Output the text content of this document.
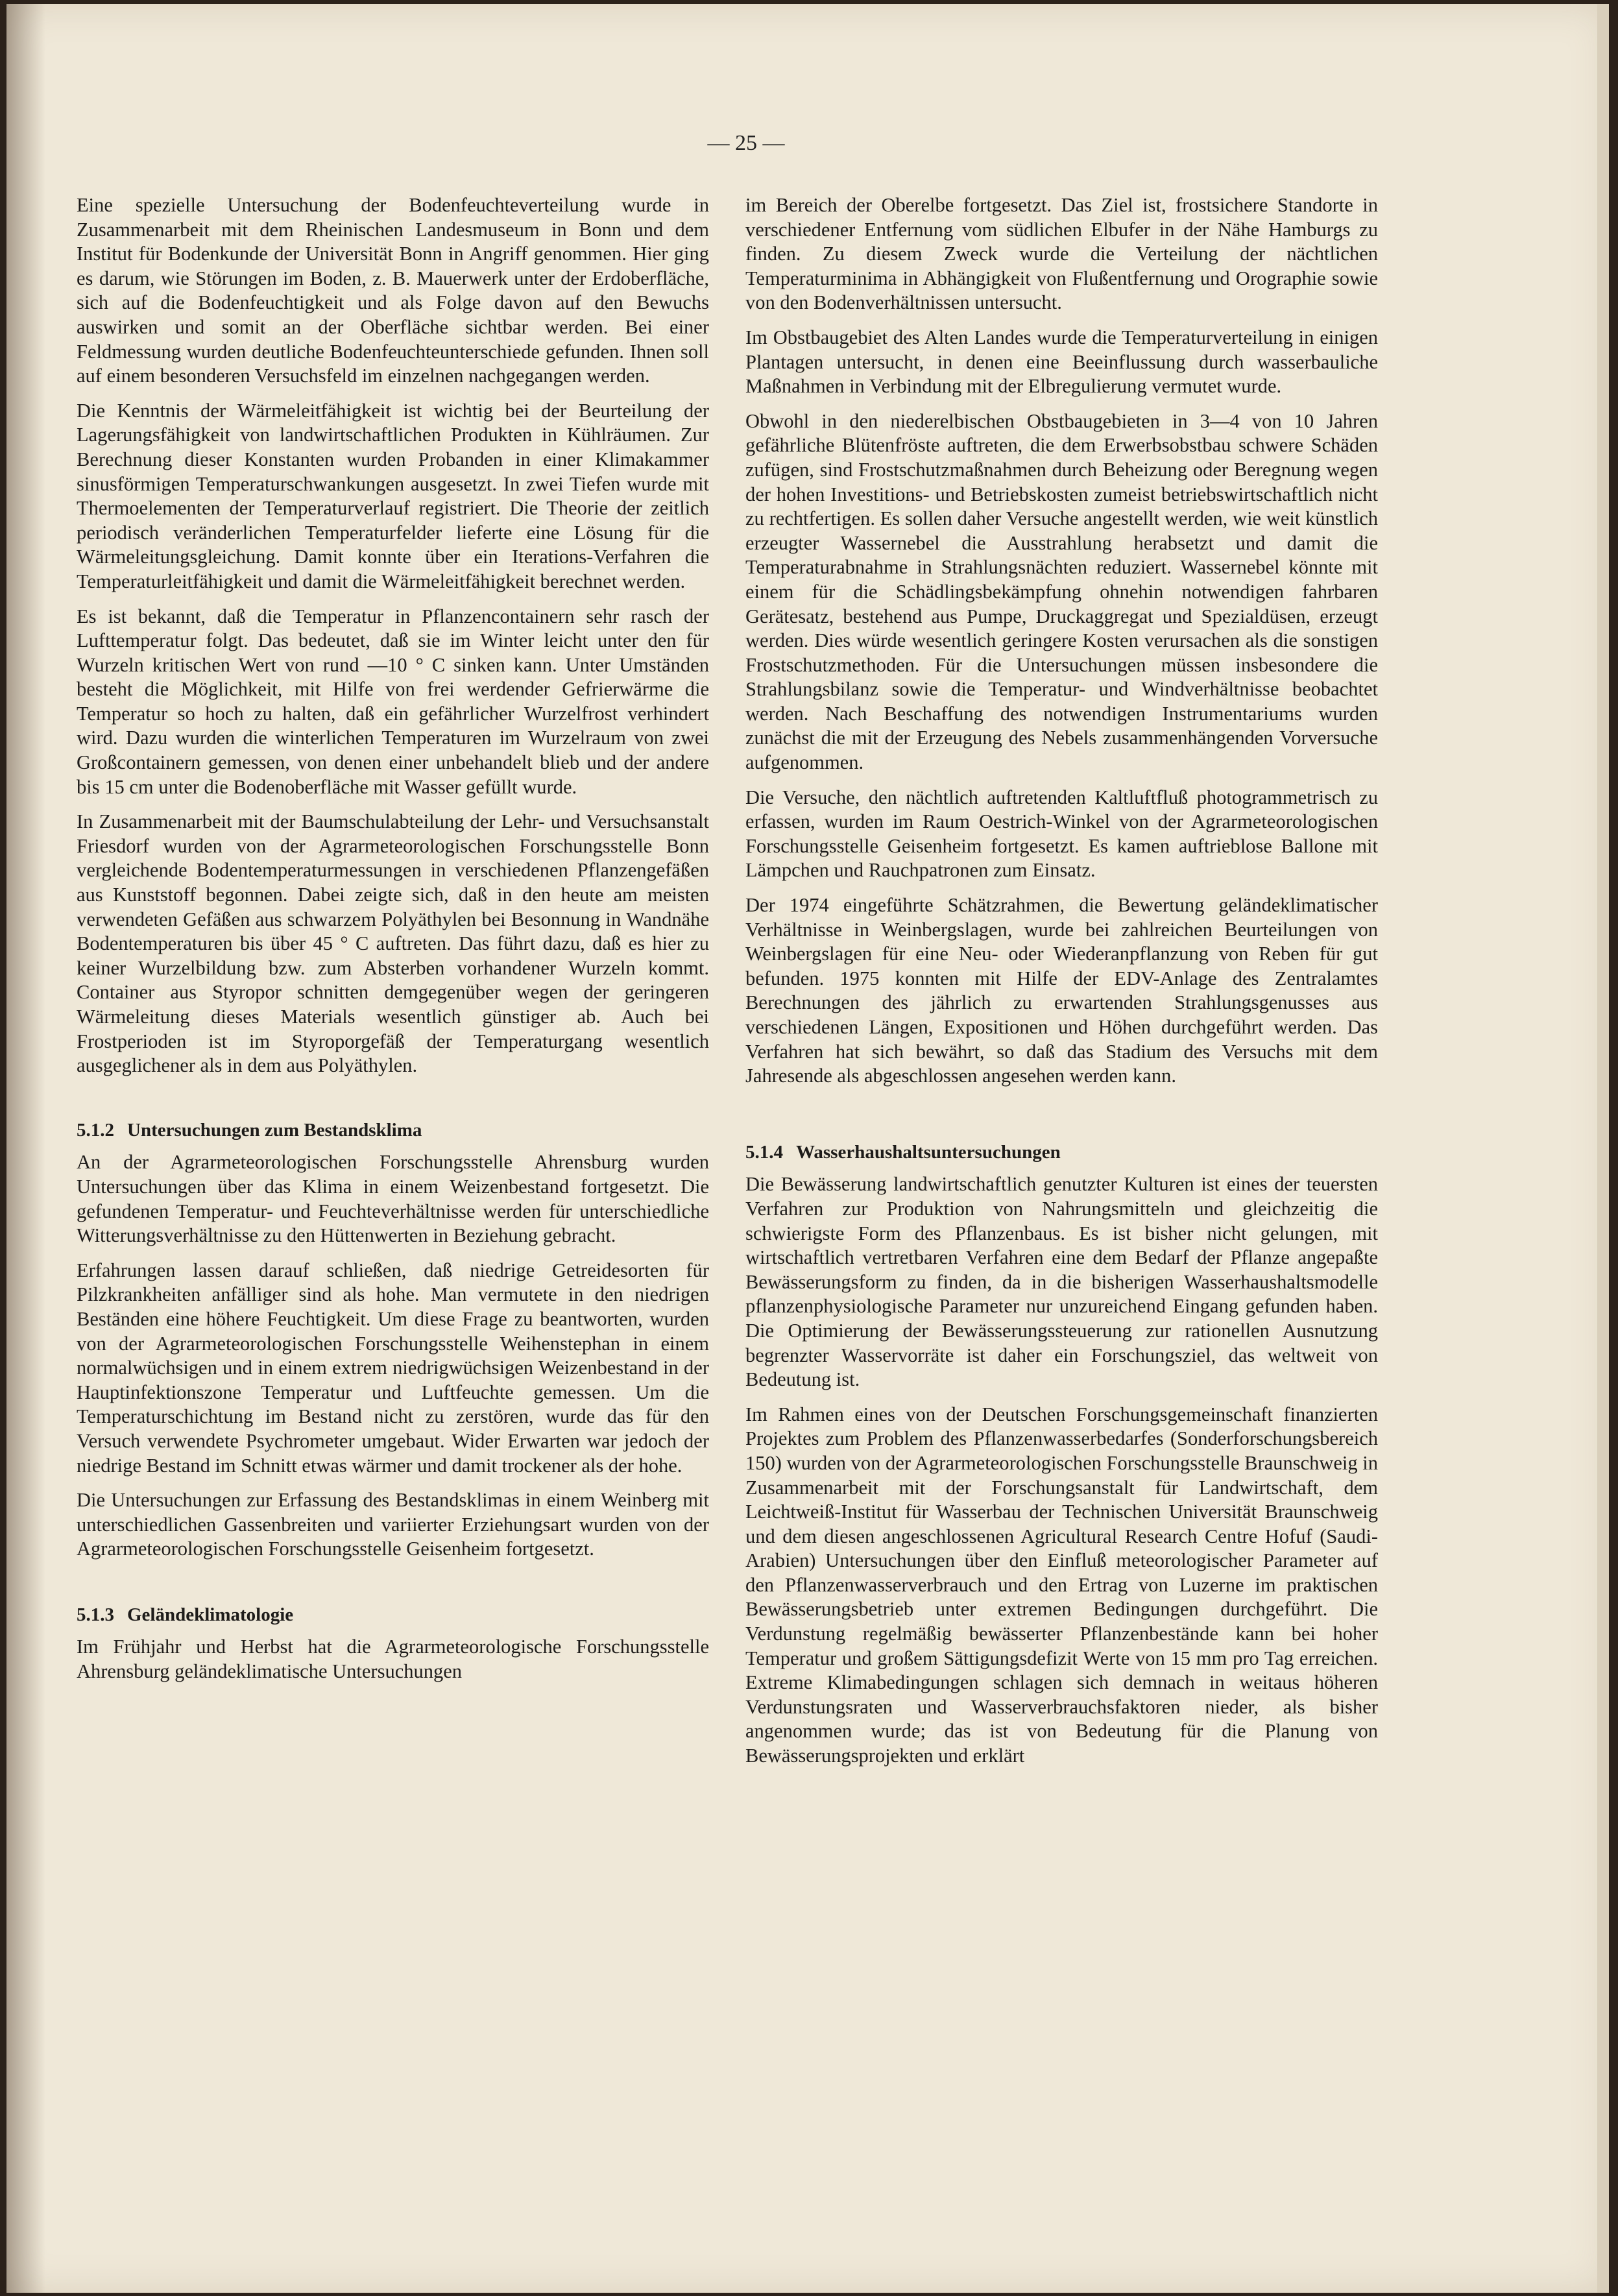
— 25 —

Eine spezielle Untersuchung der Bodenfeuchteverteilung wurde in Zusammenarbeit mit dem Rheinischen Landesmuseum in Bonn und dem Institut für Bodenkunde der Universität Bonn in Angriff genommen. Hier ging es darum, wie Störungen im Boden, z. B. Mauerwerk unter der Erdoberfläche, sich auf die Bodenfeuchtigkeit und als Folge davon auf den Bewuchs auswirken und somit an der Oberfläche sichtbar werden. Bei einer Feldmessung wurden deutliche Bodenfeuchteunterschiede gefunden. Ihnen soll auf einem besonderen Versuchsfeld im einzelnen nachgegangen werden.

Die Kenntnis der Wärmeleitfähigkeit ist wichtig bei der Beurteilung der Lagerungsfähigkeit von landwirtschaftlichen Produkten in Kühlräumen. Zur Berechnung dieser Konstanten wurden Probanden in einer Klimakammer sinusförmigen Temperaturschwankungen ausgesetzt. In zwei Tiefen wurde mit Thermoelementen der Temperaturverlauf registriert. Die Theorie der zeitlich periodisch veränderlichen Temperaturfelder lieferte eine Lösung für die Wärmeleitungsgleichung. Damit konnte über ein Iterations-Verfahren die Temperaturleitfähigkeit und damit die Wärmeleitfähigkeit berechnet werden.

Es ist bekannt, daß die Temperatur in Pflanzencontainern sehr rasch der Lufttemperatur folgt. Das bedeutet, daß sie im Winter leicht unter den für Wurzeln kritischen Wert von rund —10 ° C sinken kann. Unter Umständen besteht die Möglichkeit, mit Hilfe von frei werdender Gefrierwärme die Temperatur so hoch zu halten, daß ein gefährlicher Wurzelfrost verhindert wird. Dazu wurden die winterlichen Temperaturen im Wurzelraum von zwei Großcontainern gemessen, von denen einer unbehandelt blieb und der andere bis 15 cm unter die Bodenoberfläche mit Wasser gefüllt wurde.

In Zusammenarbeit mit der Baumschulabteilung der Lehr- und Versuchsanstalt Friesdorf wurden von der Agrarmeteorologischen Forschungsstelle Bonn vergleichende Bodentemperaturmessungen in verschiedenen Pflanzengefäßen aus Kunststoff begonnen. Dabei zeigte sich, daß in den heute am meisten verwendeten Gefäßen aus schwarzem Polyäthylen bei Besonnung in Wandnähe Bodentemperaturen bis über 45 ° C auftreten. Das führt dazu, daß es hier zu keiner Wurzelbildung bzw. zum Absterben vorhandener Wurzeln kommt. Container aus Styropor schnitten demgegenüber wegen der geringeren Wärmeleitung dieses Materials wesentlich günstiger ab. Auch bei Frostperioden ist im Styroporgefäß der Temperaturgang wesentlich ausgeglichener als in dem aus Polyäthylen.

5.1.2 Untersuchungen zum Bestandsklima

An der Agrarmeteorologischen Forschungsstelle Ahrensburg wurden Untersuchungen über das Klima in einem Weizenbestand fortgesetzt. Die gefundenen Temperatur- und Feuchteverhältnisse werden für unterschiedliche Witterungsverhältnisse zu den Hüttenwerten in Beziehung gebracht.

Erfahrungen lassen darauf schließen, daß niedrige Getreidesorten für Pilzkrankheiten anfälliger sind als hohe. Man vermutete in den niedrigen Beständen eine höhere Feuchtigkeit. Um diese Frage zu beantworten, wurden von der Agrarmeteorologischen Forschungsstelle Weihenstephan in einem normalwüchsigen und in einem extrem niedrigwüchsigen Weizenbestand in der Hauptinfektionszone Temperatur und Luftfeuchte gemessen. Um die Temperaturschichtung im Bestand nicht zu zerstören, wurde das für den Versuch verwendete Psychrometer umgebaut. Wider Erwarten war jedoch der niedrige Bestand im Schnitt etwas wärmer und damit trockener als der hohe.

Die Untersuchungen zur Erfassung des Bestandsklimas in einem Weinberg mit unterschiedlichen Gassenbreiten und variierter Erziehungsart wurden von der Agrarmeteorologischen Forschungsstelle Geisenheim fortgesetzt.

5.1.3 Geländeklimatologie

Im Frühjahr und Herbst hat die Agrarmeteorologische Forschungsstelle Ahrensburg geländeklimatische Untersuchungen

im Bereich der Oberelbe fortgesetzt. Das Ziel ist, frostsichere Standorte in verschiedener Entfernung vom südlichen Elbufer in der Nähe Hamburgs zu finden. Zu diesem Zweck wurde die Verteilung der nächtlichen Temperaturminima in Abhängigkeit von Flußentfernung und Orographie sowie von den Bodenverhältnissen untersucht.

Im Obstbaugebiet des Alten Landes wurde die Temperaturverteilung in einigen Plantagen untersucht, in denen eine Beeinflussung durch wasserbauliche Maßnahmen in Verbindung mit der Elbregulierung vermutet wurde.

Obwohl in den niederelbischen Obstbaugebieten in 3—4 von 10 Jahren gefährliche Blütenfröste auftreten, die dem Erwerbsobstbau schwere Schäden zufügen, sind Frostschutzmaßnahmen durch Beheizung oder Beregnung wegen der hohen Investitions- und Betriebskosten zumeist betriebswirtschaftlich nicht zu rechtfertigen. Es sollen daher Versuche angestellt werden, wie weit künstlich erzeugter Wassernebel die Ausstrahlung herabsetzt und damit die Temperaturabnahme in Strahlungsnächten reduziert. Wassernebel könnte mit einem für die Schädlingsbekämpfung ohnehin notwendigen fahrbaren Gerätesatz, bestehend aus Pumpe, Druckaggregat und Spezialdüsen, erzeugt werden. Dies würde wesentlich geringere Kosten verursachen als die sonstigen Frostschutzmethoden. Für die Untersuchungen müssen insbesondere die Strahlungsbilanz sowie die Temperatur- und Windverhältnisse beobachtet werden. Nach Beschaffung des notwendigen Instrumentariums wurden zunächst die mit der Erzeugung des Nebels zusammenhängenden Vorversuche aufgenommen.

Die Versuche, den nächtlich auftretenden Kaltluftfluß photogrammetrisch zu erfassen, wurden im Raum Oestrich-Winkel von der Agrarmeteorologischen Forschungsstelle Geisenheim fortgesetzt. Es kamen auftrieblose Ballone mit Lämpchen und Rauchpatronen zum Einsatz.

Der 1974 eingeführte Schätzrahmen, die Bewertung geländeklimatischer Verhältnisse in Weinbergslagen, wurde bei zahlreichen Beurteilungen von Weinbergslagen für eine Neu- oder Wiederanpflanzung von Reben für gut befunden. 1975 konnten mit Hilfe der EDV-Anlage des Zentralamtes Berechnungen des jährlich zu erwartenden Strahlungsgenusses aus verschiedenen Längen, Expositionen und Höhen durchgeführt werden. Das Verfahren hat sich bewährt, so daß das Stadium des Versuchs mit dem Jahresende als abgeschlossen angesehen werden kann.

5.1.4 Wasserhaushaltsuntersuchungen

Die Bewässerung landwirtschaftlich genutzter Kulturen ist eines der teuersten Verfahren zur Produktion von Nahrungsmitteln und gleichzeitig die schwierigste Form des Pflanzenbaus. Es ist bisher nicht gelungen, mit wirtschaftlich vertretbaren Verfahren eine dem Bedarf der Pflanze angepaßte Bewässerungsform zu finden, da in die bisherigen Wasserhaushaltsmodelle pflanzenphysiologische Parameter nur unzureichend Eingang gefunden haben. Die Optimierung der Bewässerungssteuerung zur rationellen Ausnutzung begrenzter Wasservorräte ist daher ein Forschungsziel, das weltweit von Bedeutung ist.

Im Rahmen eines von der Deutschen Forschungsgemeinschaft finanzierten Projektes zum Problem des Pflanzenwasserbedarfes (Sonderforschungsbereich 150) wurden von der Agrarmeteorologischen Forschungsstelle Braunschweig in Zusammenarbeit mit der Forschungsanstalt für Landwirtschaft, dem Leichtweiß-Institut für Wasserbau der Technischen Universität Braunschweig und dem diesen angeschlossenen Agricultural Research Centre Hofuf (Saudi-Arabien) Untersuchungen über den Einfluß meteorologischer Parameter auf den Pflanzenwasserverbrauch und den Ertrag von Luzerne im praktischen Bewässerungsbetrieb unter extremen Bedingungen durchgeführt. Die Verdunstung regelmäßig bewässerter Pflanzenbestände kann bei hoher Temperatur und großem Sättigungsdefizit Werte von 15 mm pro Tag erreichen. Extreme Klimabedingungen schlagen sich demnach in weitaus höheren Verdunstungsraten und Wasserverbrauchsfaktoren nieder, als bisher angenommen wurde; das ist von Bedeutung für die Planung von Bewässerungsprojekten und erklärt
